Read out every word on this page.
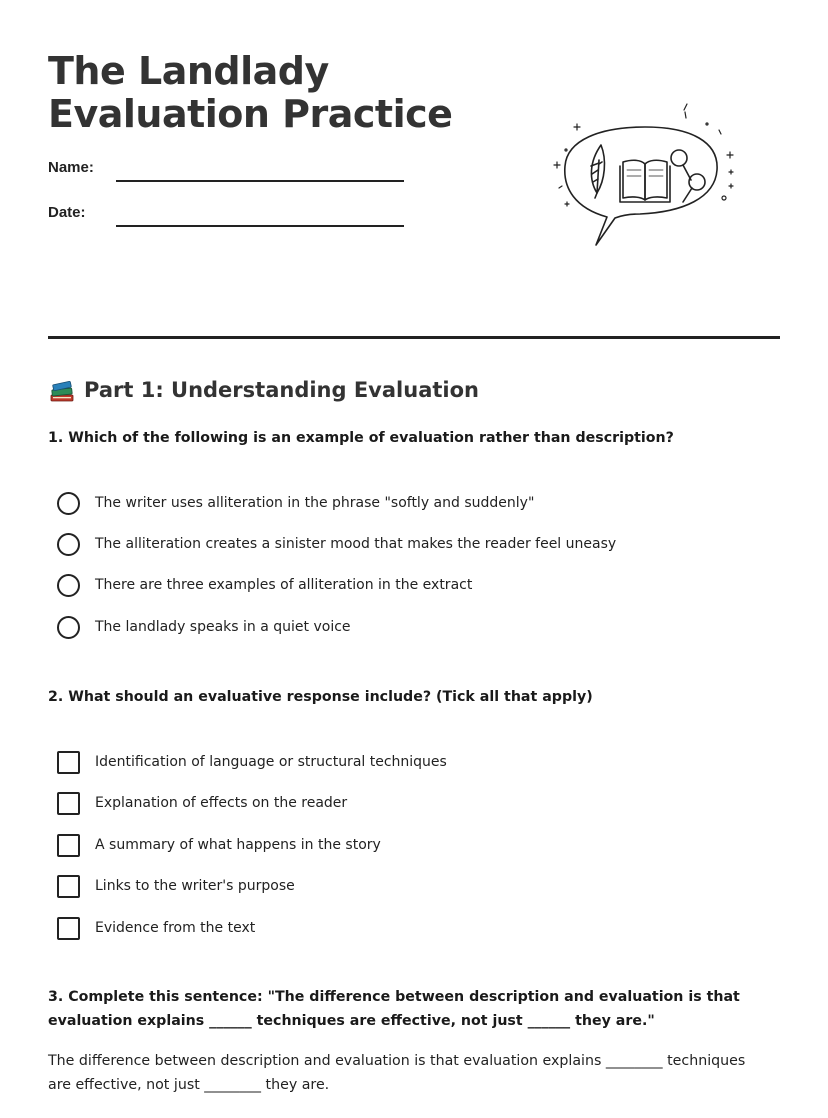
The Landlady Evaluation Practice
Name:
Date:
Part 1: Understanding Evaluation
1. Which of the following is an example of evaluation rather than description?
The writer uses alliteration in the phrase "softly and suddenly"
The alliteration creates a sinister mood that makes the reader feel uneasy
There are three examples of alliteration in the extract
The landlady speaks in a quiet voice
2. What should an evaluative response include? (Tick all that apply)
Identification of language or structural techniques
Explanation of effects on the reader
A summary of what happens in the story
Links to the writer's purpose
Evidence from the text
3. Complete this sentence: "The difference between description and evaluation is that evaluation explains ______ techniques are effective, not just ______ they are."
The difference between description and evaluation is that evaluation explains ________ techniques are effective, not just ________ they are.
